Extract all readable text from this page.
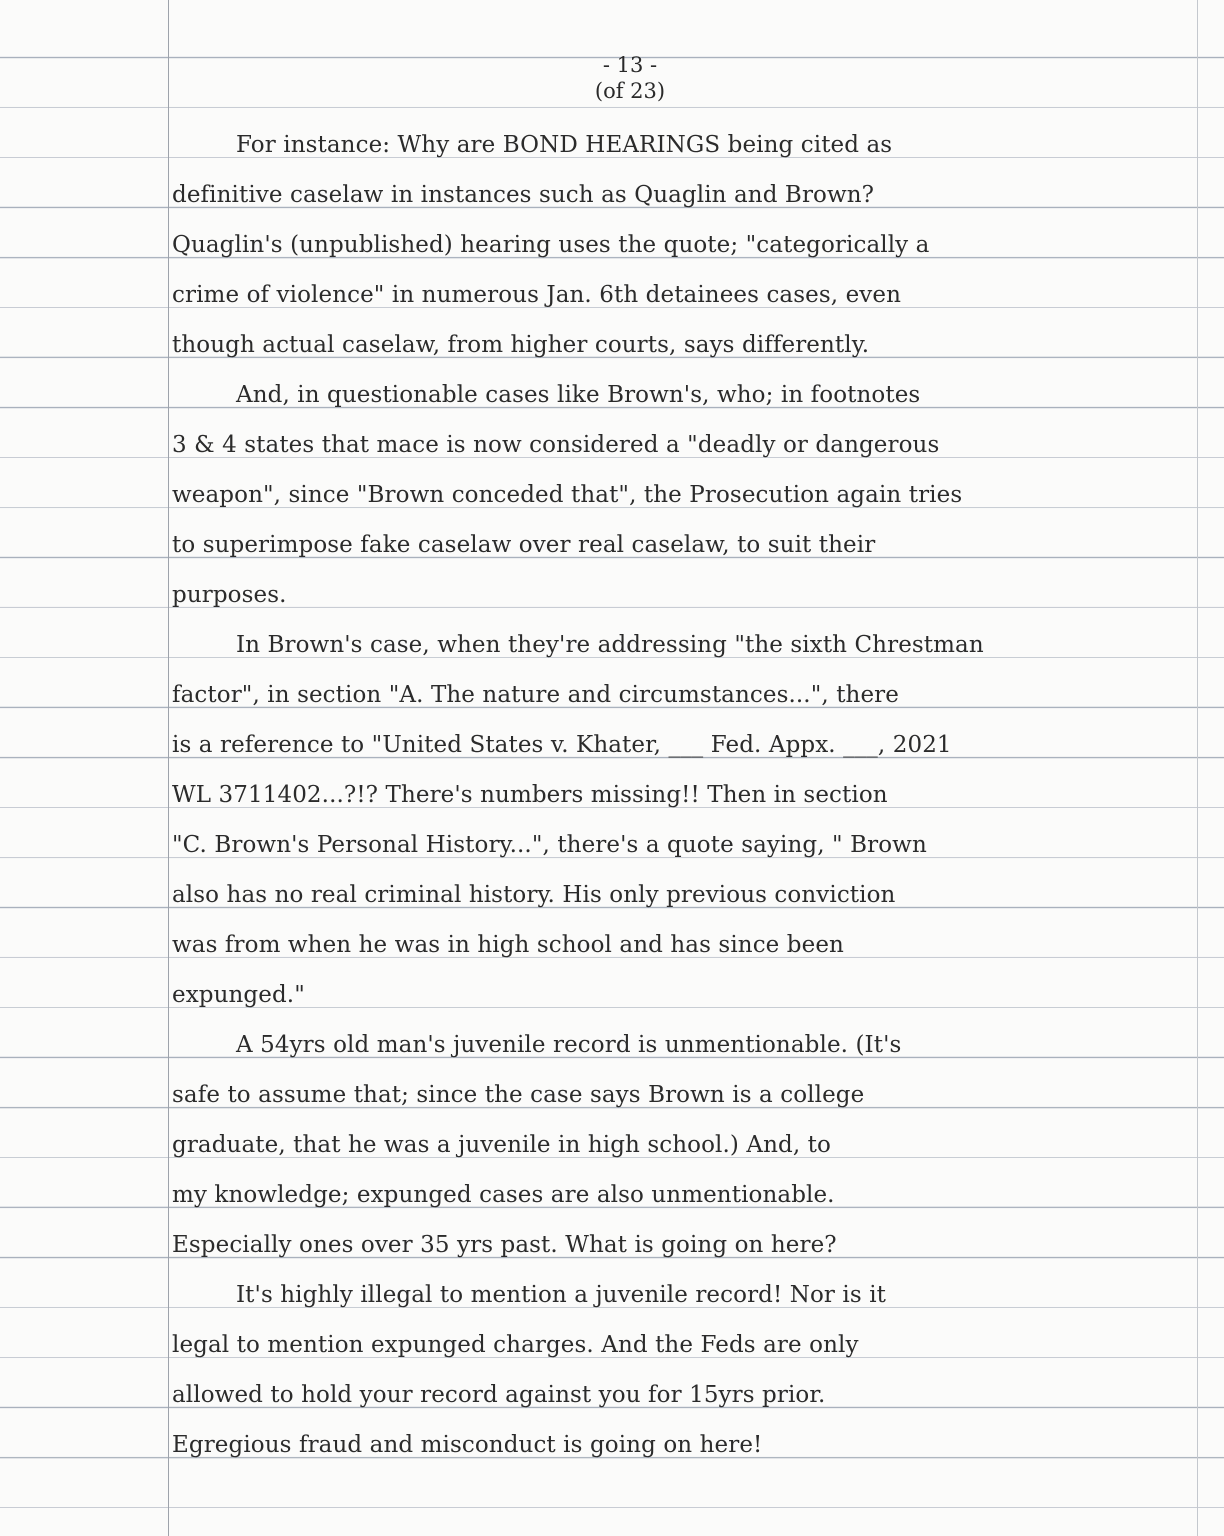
- 13 -
(of 23)
For instance: Why are BOND HEARINGS being cited as
definitive caselaw in instances such as Quaglin and Brown?
Quaglin's (unpublished) hearing uses the quote; "categorically a
crime of violence" in numerous Jan. 6th detainees cases, even
though actual caselaw, from higher courts, says differently.
And, in questionable cases like Brown's, who; in footnotes
3 & 4 states that mace is now considered a "deadly or dangerous
weapon", since "Brown conceded that", the Prosecution again tries
to superimpose fake caselaw over real caselaw, to suit their
purposes.
In Brown's case, when they're addressing "the sixth Chrestman
factor", in section "A. The nature and circumstances...", there
is a reference to "United States v. Khater, ___ Fed. Appx. ___, 2021
WL 3711402...?!? There's numbers missing!! Then in section
"C. Brown's Personal History...", there's a quote saying, " Brown
also has no real criminal history. His only previous conviction
was from when he was in high school and has since been
expunged."
A 54yrs old man's juvenile record is unmentionable. (It's
safe to assume that; since the case says Brown is a college
graduate, that he was a juvenile in high school.) And, to
my knowledge; expunged cases are also unmentionable.
Especially ones over 35 yrs past. What is going on here?
It's highly illegal to mention a juvenile record! Nor is it
legal to mention expunged charges. And the Feds are only
allowed to hold your record against you for 15yrs prior.
Egregious fraud and misconduct is going on here!
